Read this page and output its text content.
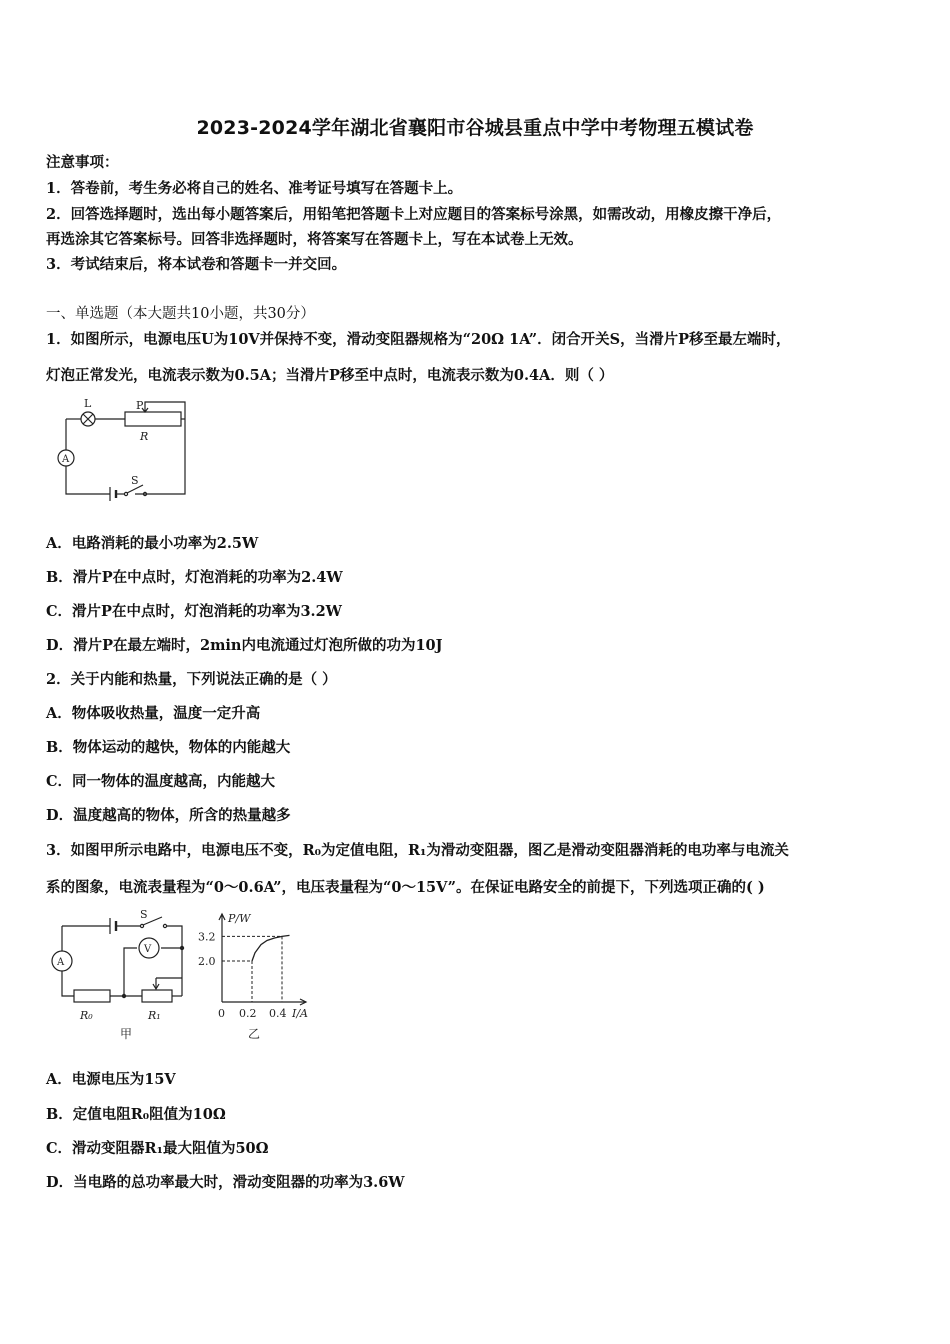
2023-2024学年湖北省襄阳市谷城县重点中学中考物理五模试卷
注意事项：
1．答卷前，考生务必将自己的姓名、准考证号填写在答题卡上。
2．回答选择题时，选出每小题答案后，用铅笔把答题卡上对应题目的答案标号涂黑，如需改动，用橡皮擦干净后，
再选涂其它答案标号。回答非选择题时，将答案写在答题卡上，写在本试卷上无效。
3．考试结束后，将本试卷和答题卡一并交回。
一、单选题（本大题共10小题，共30分）
1．如图所示，电源电压U为10V并保持不变，滑动变阻器规格为“20Ω 1A”．闭合开关S，当滑片P移至最左端时，
灯泡正常发光，电流表示数为0.5A；当滑片P移至中点时，电流表示数为0.4A．则（ ）
L	P
R
A
S
A．电路消耗的最小功率为2.5W
B．滑片P在中点时，灯泡消耗的功率为2.4W
C．滑片P在中点时，灯泡消耗的功率为3.2W
D．滑片P在最左端时，2min内电流通过灯泡所做的功为10J
2．关于内能和热量，下列说法正确的是（ ）
A．物体吸收热量，温度一定升高
B．物体运动的越快，物体的内能越大
C．同一物体的温度越高，内能越大
D．温度越高的物体，所含的热量越多
3．如图甲所示电路中，电源电压不变，R₀为定值电阻，R₁为滑动变阻器，图乙是滑动变阻器消耗的电功率与电流关
系的图象，电流表量程为“0～0.6A”，电压表量程为“0～15V”。在保证电路安全的前提下，下列选项正确的( )
A
V
S
R₀	R₁
甲
P/W
3.2
2.0
0 0.2 0.4 I/A
乙
A．电源电压为15V
B．定值电阻R₀阻值为10Ω
C．滑动变阻器R₁最大阻值为50Ω
D．当电路的总功率最大时，滑动变阻器的功率为3.6W
